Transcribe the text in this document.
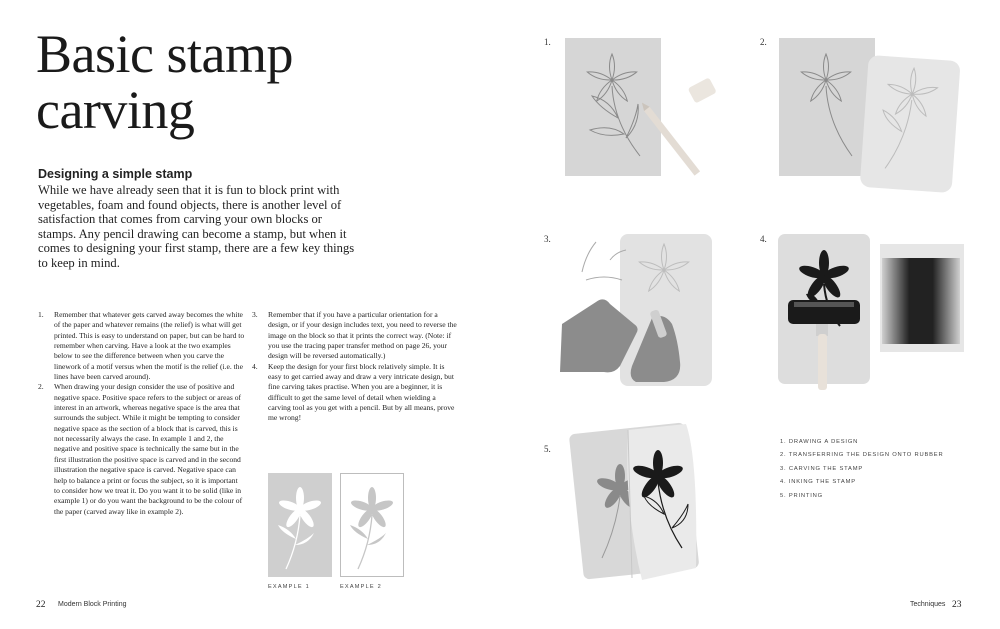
Basic stamp
carving
Designing a simple stamp
While we have already seen that it is fun to block print with vegetables, foam and found objects, there is another level of satisfaction that comes from carving your own blocks or stamps. Any pencil drawing can become a stamp, but when it comes to designing your first stamp, there are a few key things to keep in mind.
1. Remember that whatever gets carved away becomes the white of the paper and whatever remains (the relief) is what will get printed. This is easy to understand on paper, but can be hard to remember when carving. Have a look at the two examples below to see the difference between when you carve the linework of a motif versus when the motif is the relief (i.e. the lines have been carved around).
2. When drawing your design consider the use of positive and negative space. Positive space refers to the subject or areas of interest in an artwork, whereas negative space is the area that surrounds the subject. While it might be tempting to consider negative space as the section of a block that is carved, this is not necessarily always the case. In example 1 and 2, the negative and positive space is technically the same but in the first illustration the positive space is carved and in the second illustration the negative space is carved. Negative space can help to balance a print or focus the subject, so it is important to consider how we treat it. Do you want it to be solid (like in example 1) or do you want the background to be the colour of the paper (carved away like in example 2).
3. Remember that if you have a particular orientation for a design, or if your design includes text, you need to reverse the image on the block so that it prints the correct way. (Note: if you use the tracing paper transfer method on page 26, your design will be reversed automatically.)
4. Keep the design for your first block relatively simple. It is easy to get carried away and draw a very intricate design, but fine carving takes practise. When you are a beginner, it is difficult to get the same level of detail when wielding a carving tool as you get with a pencil. But by all means, prove me wrong!
EXAMPLE 1	EXAMPLE 2
1.	2.
3.	4.
5.
1. DRAWING A DESIGN
2. TRANSFERRING THE DESIGN ONTO RUBBER
3. CARVING THE STAMP
4. INKING THE STAMP
5. PRINTING
22 Modern Block Printing	Techniques 23
